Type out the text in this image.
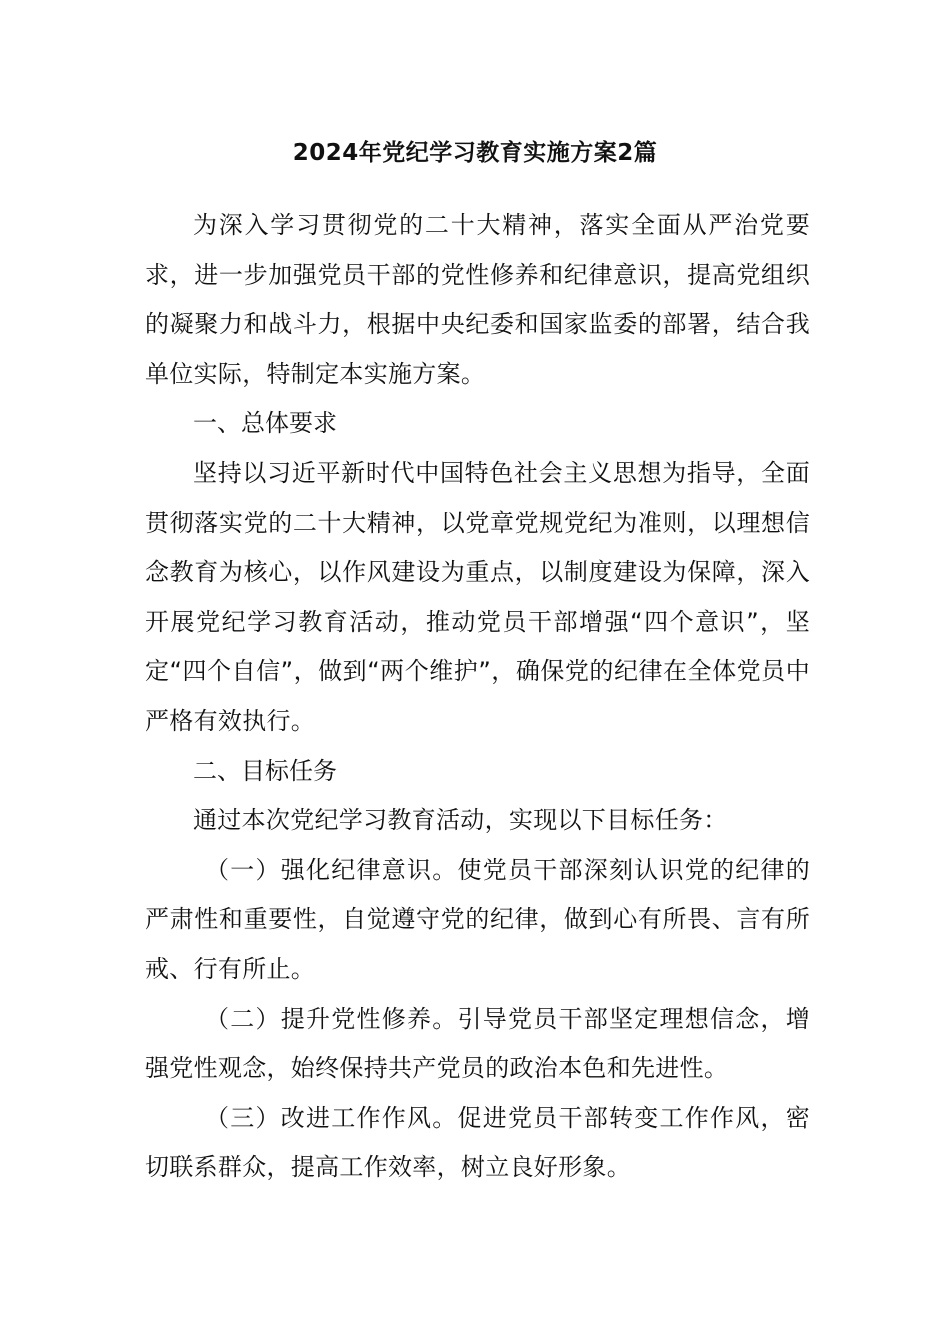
2024年党纪学习教育实施方案2篇

为深入学习贯彻党的二十大精神，落实全面从严治党要求，进一步加强党员干部的党性修养和纪律意识，提高党组织的凝聚力和战斗力，根据中央纪委和国家监委的部署，结合我单位实际，特制定本实施方案。

一、总体要求

坚持以习近平新时代中国特色社会主义思想为指导，全面贯彻落实党的二十大精神，以党章党规党纪为准则，以理想信念教育为核心，以作风建设为重点，以制度建设为保障，深入开展党纪学习教育活动，推动党员干部增强“四个意识”，坚定“四个自信”，做到“两个维护”，确保党的纪律在全体党员中严格有效执行。

二、目标任务

通过本次党纪学习教育活动，实现以下目标任务：

（一）强化纪律意识。使党员干部深刻认识党的纪律的严肃性和重要性，自觉遵守党的纪律，做到心有所畏、言有所戒、行有所止。

（二）提升党性修养。引导党员干部坚定理想信念，增强党性观念，始终保持共产党员的政治本色和先进性。

（三）改进工作作风。促进党员干部转变工作作风，密切联系群众，提高工作效率，树立良好形象。
